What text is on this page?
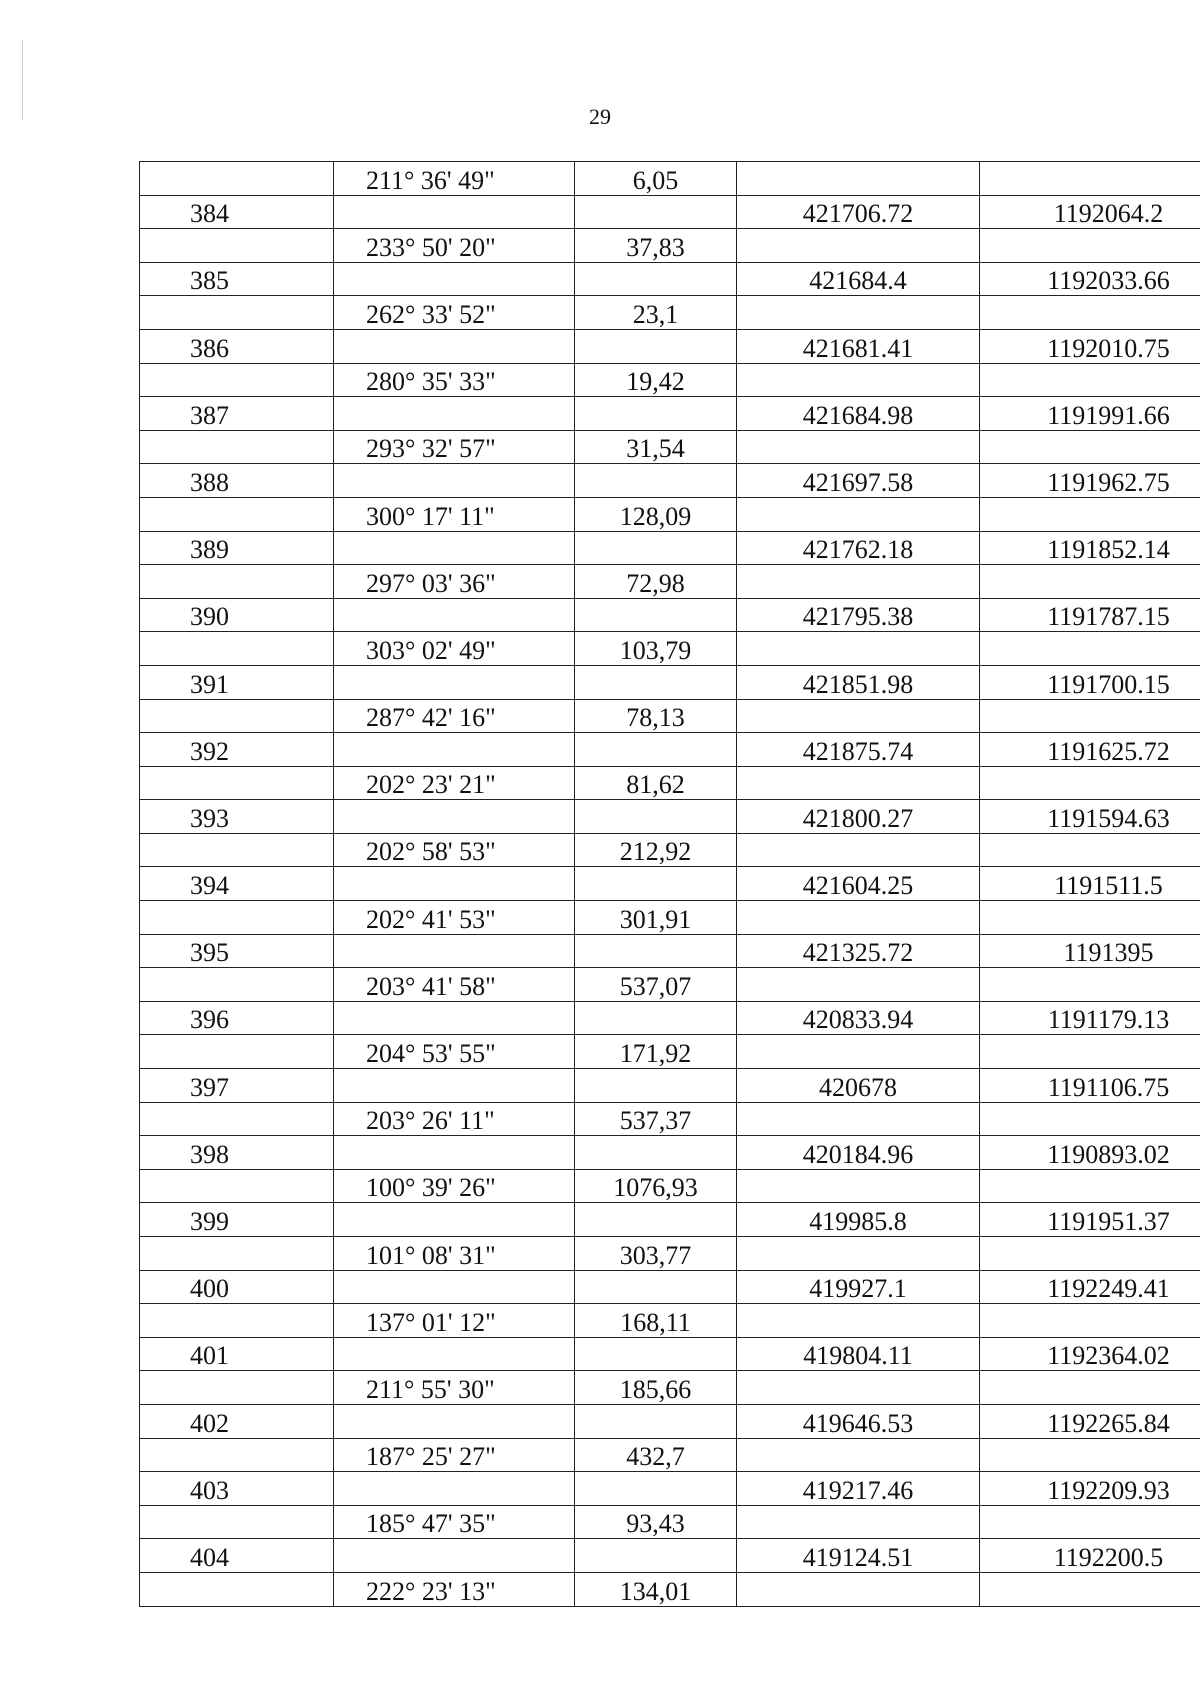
29
	211° 36' 49"	6,05		
384			421706.72	1192064.2
	233° 50' 20"	37,83		
385			421684.4	1192033.66
	262° 33' 52"	23,1		
386			421681.41	1192010.75
	280° 35' 33"	19,42		
387			421684.98	1191991.66
	293° 32' 57"	31,54		
388			421697.58	1191962.75
	300° 17' 11"	128,09		
389			421762.18	1191852.14
	297° 03' 36"	72,98		
390			421795.38	1191787.15
	303° 02' 49"	103,79		
391			421851.98	1191700.15
	287° 42' 16"	78,13		
392			421875.74	1191625.72
	202° 23' 21"	81,62		
393			421800.27	1191594.63
	202° 58' 53"	212,92		
394			421604.25	1191511.5
	202° 41' 53"	301,91		
395			421325.72	1191395
	203° 41' 58"	537,07		
396			420833.94	1191179.13
	204° 53' 55"	171,92		
397			420678	1191106.75
	203° 26' 11"	537,37		
398			420184.96	1190893.02
	100° 39' 26"	1076,93		
399			419985.8	1191951.37
	101° 08' 31"	303,77		
400			419927.1	1192249.41
	137° 01' 12"	168,11		
401			419804.11	1192364.02
	211° 55' 30"	185,66		
402			419646.53	1192265.84
	187° 25' 27"	432,7		
403			419217.46	1192209.93
	185° 47' 35"	93,43		
404			419124.51	1192200.5
	222° 23' 13"	134,01		
